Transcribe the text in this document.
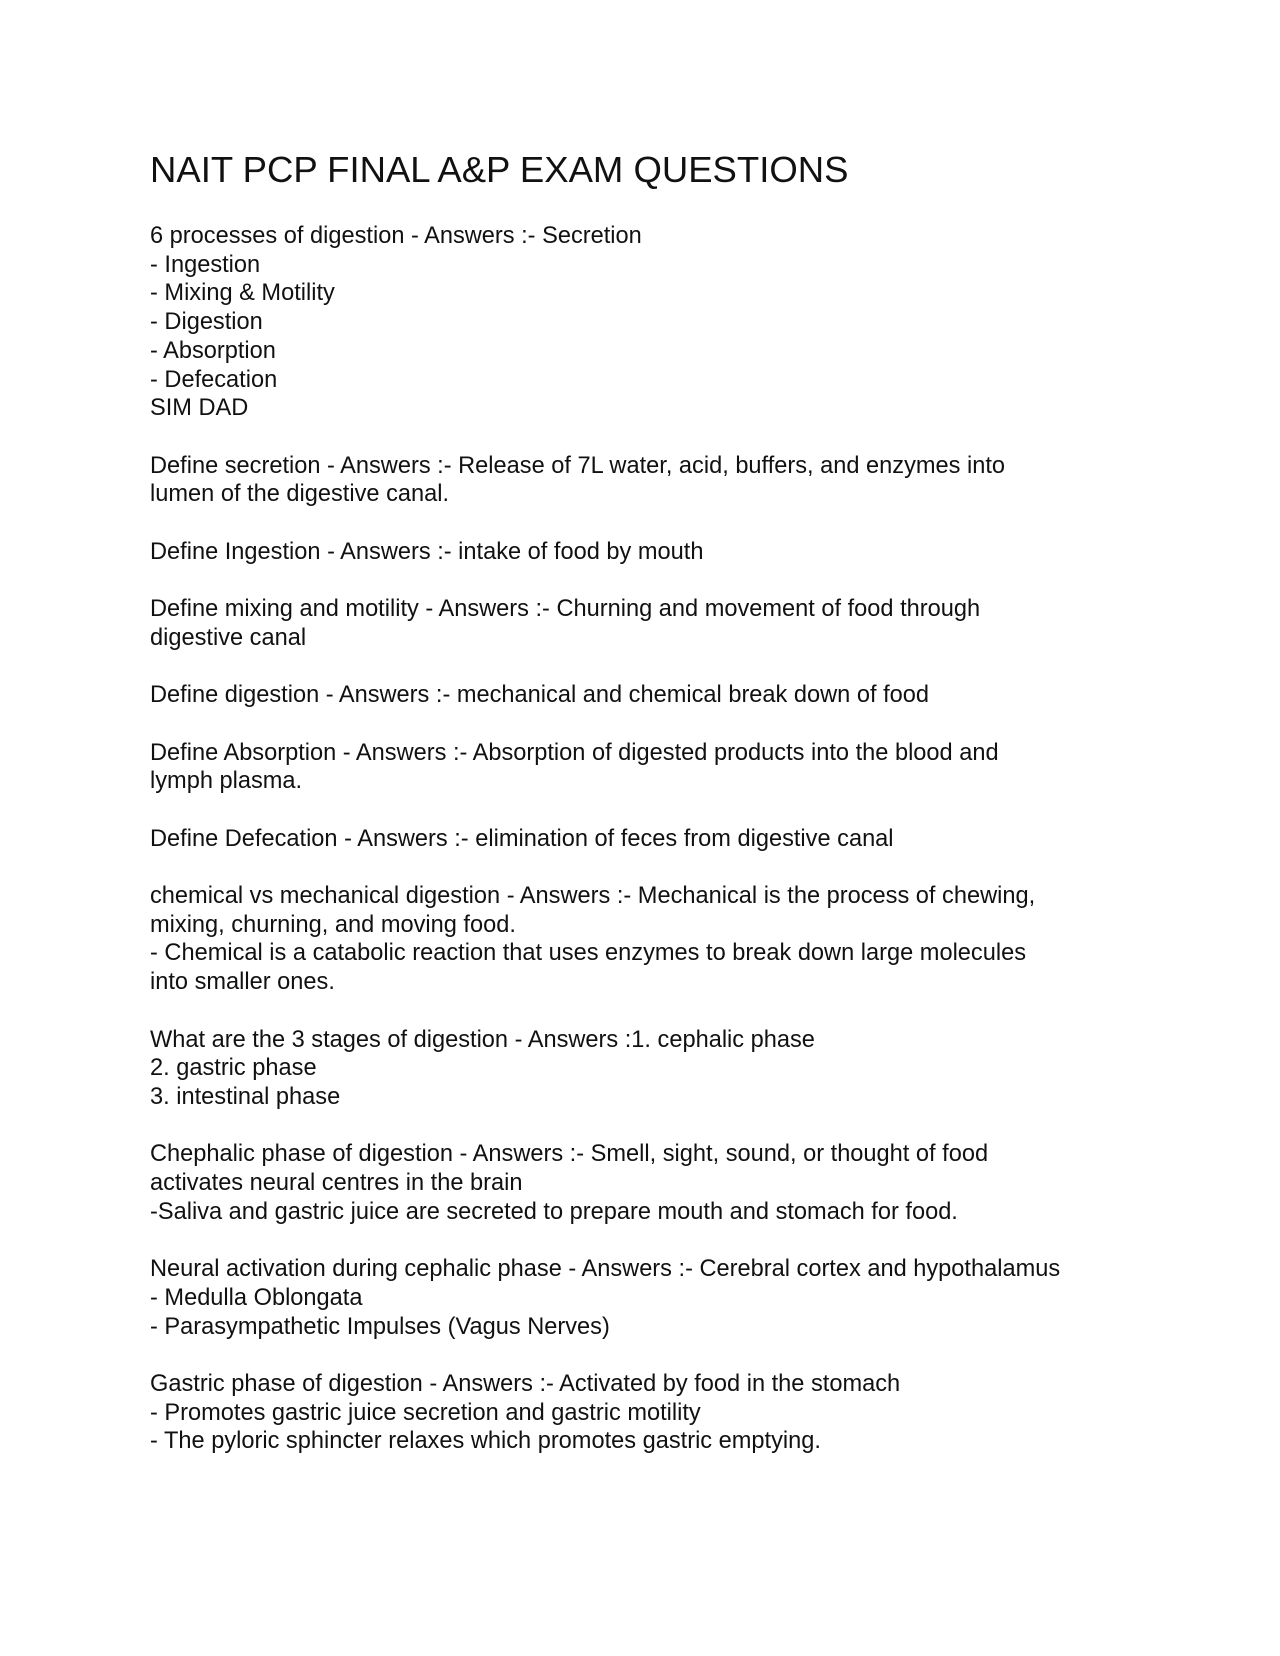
NAIT PCP FINAL A&P EXAM QUESTIONS
6 processes of digestion - Answers :- Secretion
- Ingestion
- Mixing & Motility
- Digestion
- Absorption
- Defecation
SIM DAD
Define secretion - Answers :- Release of 7L water, acid, buffers, and enzymes into
lumen of the digestive canal.
Define Ingestion - Answers :- intake of food by mouth
Define mixing and motility - Answers :- Churning and movement of food through
digestive canal
Define digestion - Answers :- mechanical and chemical break down of food
Define Absorption - Answers :- Absorption of digested products into the blood and
lymph plasma.
Define Defecation - Answers :- elimination of feces from digestive canal
chemical vs mechanical digestion - Answers :- Mechanical is the process of chewing,
mixing, churning, and moving food.
- Chemical is a catabolic reaction that uses enzymes to break down large molecules
into smaller ones.
What are the 3 stages of digestion - Answers :1. cephalic phase
2. gastric phase
3. intestinal phase
Chephalic phase of digestion - Answers :- Smell, sight, sound, or thought of food
activates neural centres in the brain
-Saliva and gastric juice are secreted to prepare mouth and stomach for food.
Neural activation during cephalic phase - Answers :- Cerebral cortex and hypothalamus
- Medulla Oblongata
- Parasympathetic Impulses (Vagus Nerves)
Gastric phase of digestion - Answers :- Activated by food in the stomach
- Promotes gastric juice secretion and gastric motility
- The pyloric sphincter relaxes which promotes gastric emptying.
